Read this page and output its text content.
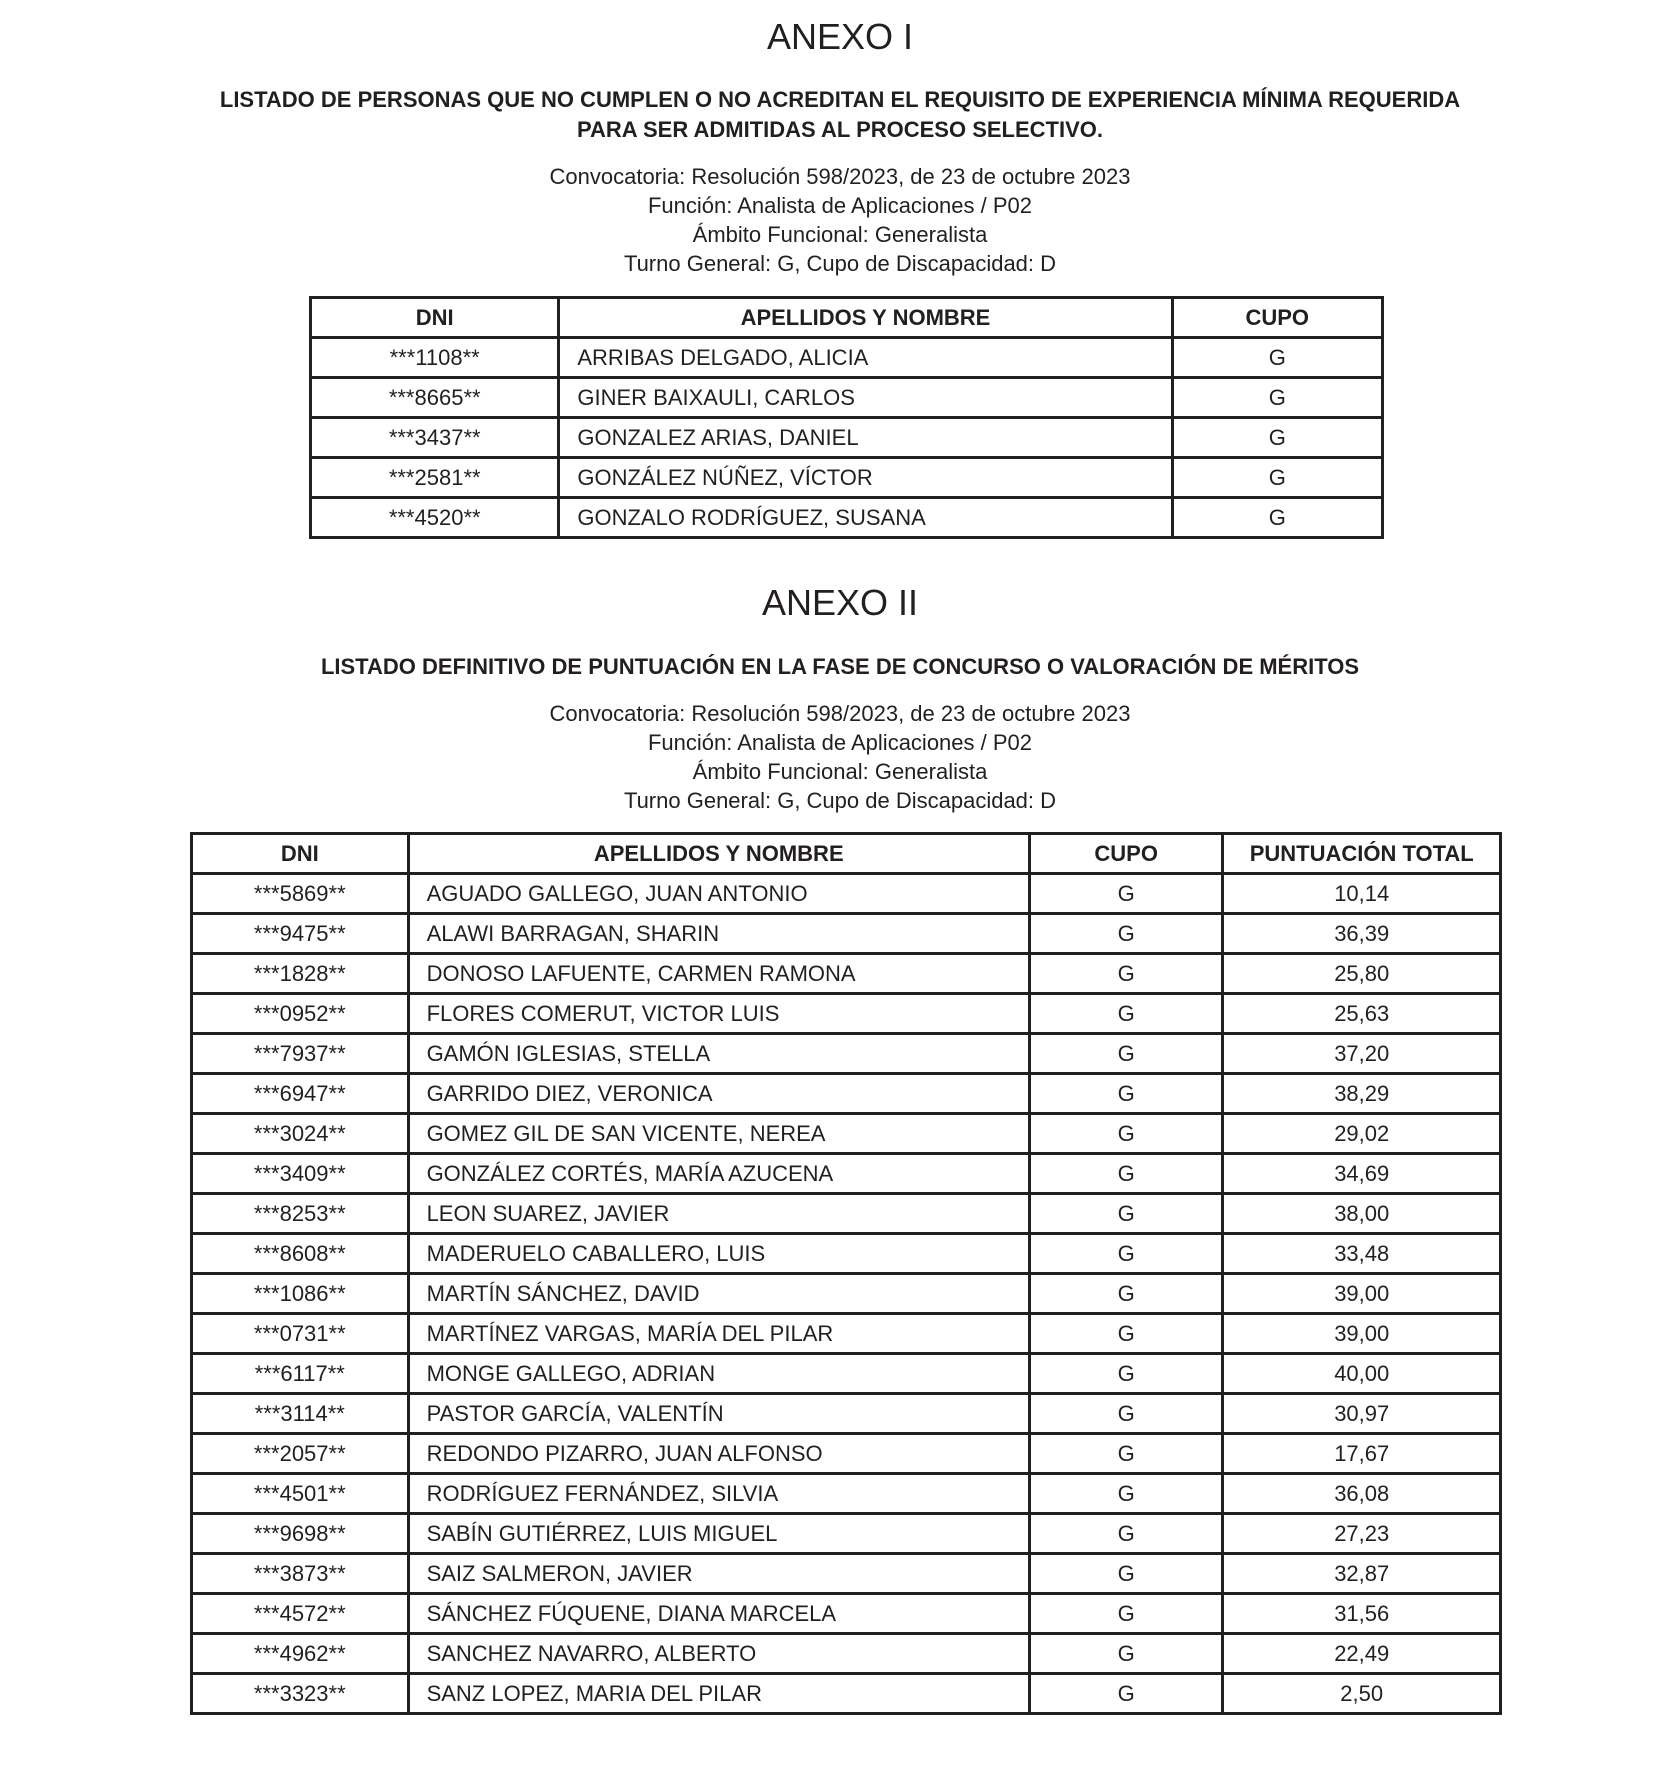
ANEXO I
LISTADO DE PERSONAS QUE NO CUMPLEN O NO ACREDITAN EL REQUISITO DE EXPERIENCIA MÍNIMA REQUERIDA
PARA SER ADMITIDAS AL PROCESO SELECTIVO.
Convocatoria: Resolución 598/2023, de 23 de octubre 2023
Función: Analista de Aplicaciones / P02
Ámbito Funcional: Generalista
Turno General: G, Cupo de Discapacidad: D
DNI	APELLIDOS Y NOMBRE	CUPO
***1108**	ARRIBAS DELGADO, ALICIA	G
***8665**	GINER BAIXAULI, CARLOS	G
***3437**	GONZALEZ ARIAS, DANIEL	G
***2581**	GONZÁLEZ NÚÑEZ, VÍCTOR	G
***4520**	GONZALO RODRÍGUEZ, SUSANA	G
ANEXO II
LISTADO DEFINITIVO DE PUNTUACIÓN EN LA FASE DE CONCURSO O VALORACIÓN DE MÉRITOS
Convocatoria: Resolución 598/2023, de 23 de octubre 2023
Función: Analista de Aplicaciones / P02
Ámbito Funcional: Generalista
Turno General: G, Cupo de Discapacidad: D
DNI	APELLIDOS Y NOMBRE	CUPO	PUNTUACIÓN TOTAL
***5869**	AGUADO GALLEGO, JUAN ANTONIO	G	10,14
***9475**	ALAWI BARRAGAN, SHARIN	G	36,39
***1828**	DONOSO LAFUENTE, CARMEN RAMONA	G	25,80
***0952**	FLORES COMERUT, VICTOR LUIS	G	25,63
***7937**	GAMÓN IGLESIAS, STELLA	G	37,20
***6947**	GARRIDO DIEZ, VERONICA	G	38,29
***3024**	GOMEZ GIL DE SAN VICENTE, NEREA	G	29,02
***3409**	GONZÁLEZ CORTÉS, MARÍA AZUCENA	G	34,69
***8253**	LEON SUAREZ, JAVIER	G	38,00
***8608**	MADERUELO CABALLERO, LUIS	G	33,48
***1086**	MARTÍN SÁNCHEZ, DAVID	G	39,00
***0731**	MARTÍNEZ VARGAS, MARÍA DEL PILAR	G	39,00
***6117**	MONGE GALLEGO, ADRIAN	G	40,00
***3114**	PASTOR GARCÍA, VALENTÍN	G	30,97
***2057**	REDONDO PIZARRO, JUAN ALFONSO	G	17,67
***4501**	RODRÍGUEZ FERNÁNDEZ, SILVIA	G	36,08
***9698**	SABÍN GUTIÉRREZ, LUIS MIGUEL	G	27,23
***3873**	SAIZ SALMERON, JAVIER	G	32,87
***4572**	SÁNCHEZ FÚQUENE, DIANA MARCELA	G	31,56
***4962**	SANCHEZ NAVARRO, ALBERTO	G	22,49
***3323**	SANZ LOPEZ, MARIA DEL PILAR	G	2,50
